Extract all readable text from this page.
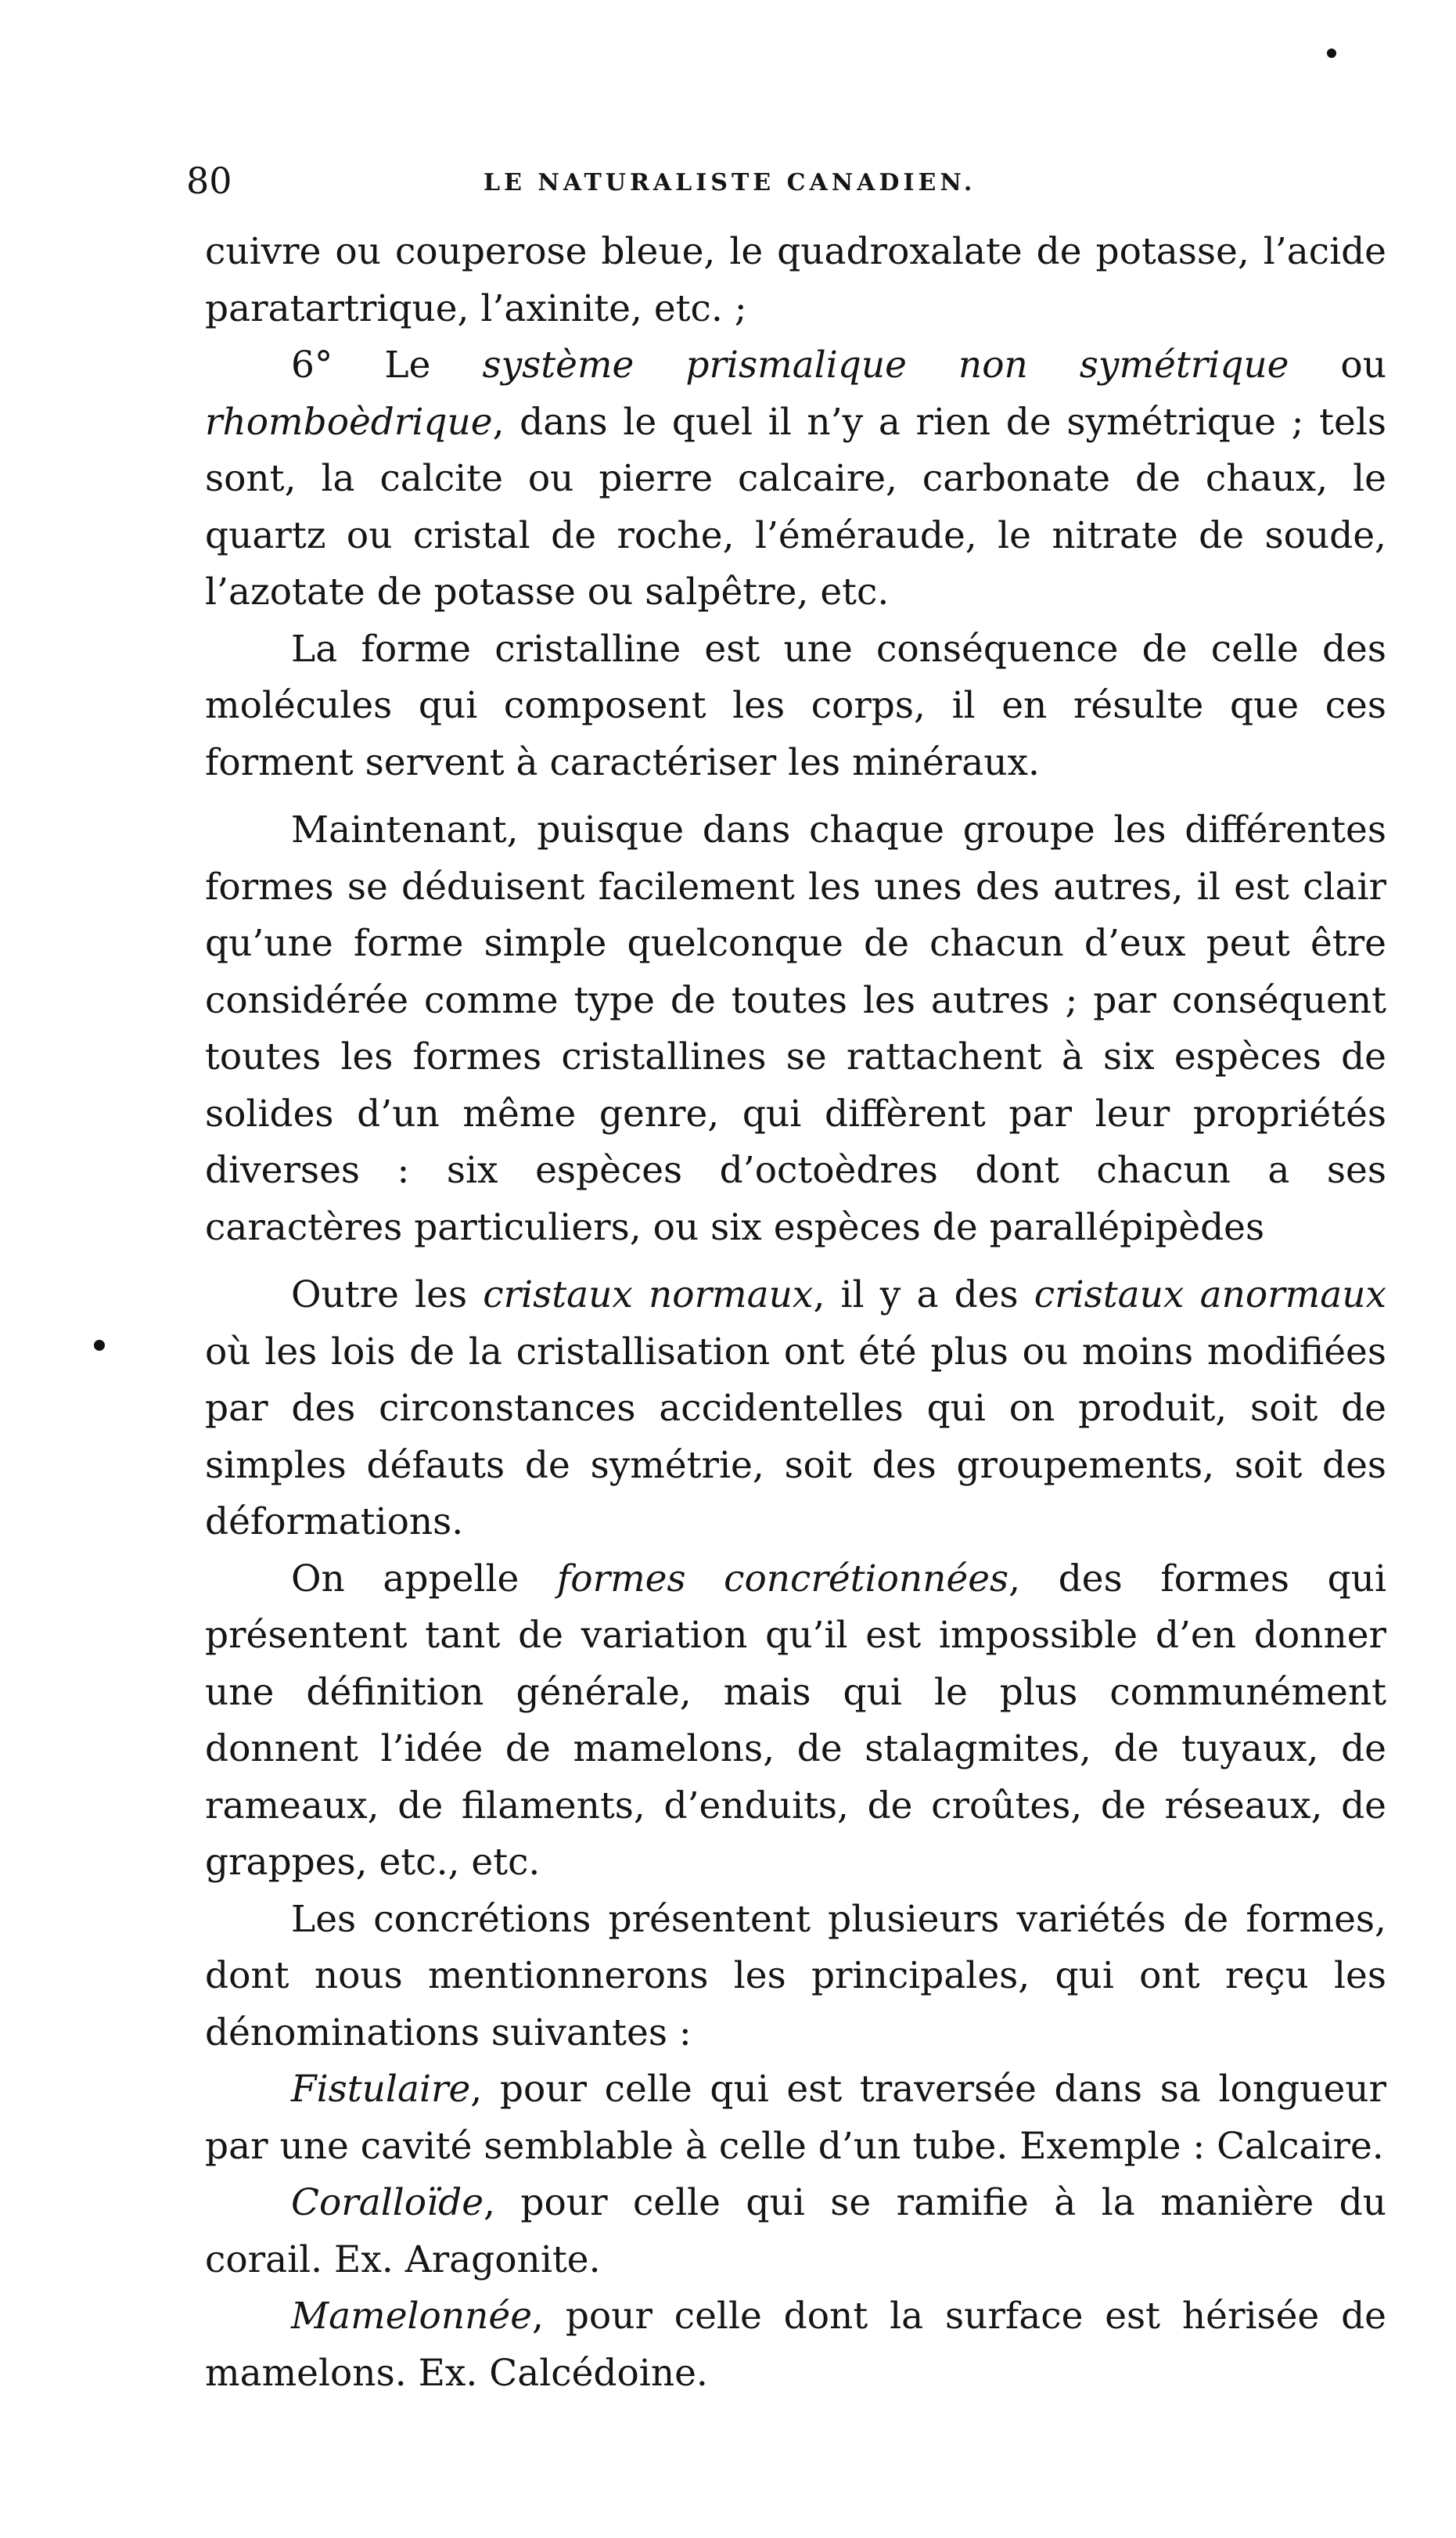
80	LE NATURALISTE CANADIEN.

cuivre ou couperose bleue, le quadroxalate de potasse, l’acide paratartrique, l’axinite, etc. ;

6° Le système prismalique non symétrique ou rhomboèdrique, dans le quel il n’y a rien de symétrique ; tels sont, la calcite ou pierre calcaire, carbonate de chaux, le quartz ou cristal de roche, l’éméraude, le nitrate de soude, l’azotate de potasse ou salpêtre, etc.

La forme cristalline est une conséquence de celle des molécules qui composent les corps, il en résulte que ces forment servent à caractériser les minéraux.

Maintenant, puisque dans chaque groupe les différentes formes se déduisent facilement les unes des autres, il est clair qu’une forme simple quelconque de chacun d’eux peut être considérée comme type de toutes les autres ; par conséquent toutes les formes cristallines se rattachent à six espèces de solides d’un même genre, qui diffèrent par leur propriétés diverses : six espèces d’octoèdres dont chacun a ses caractères particuliers, ou six espèces de parallépipèdes

Outre les cristaux normaux, il y a des cristaux anormaux où les lois de la cristallisation ont été plus ou moins modifiées par des circonstances accidentelles qui on produit, soit de simples défauts de symétrie, soit des groupements, soit des déformations.

On appelle formes concrétionnées, des formes qui présentent tant de variation qu’il est impossible d’en donner une définition générale, mais qui le plus communément donnent l’idée de mamelons, de stalagmites, de tuyaux, de rameaux, de filaments, d’enduits, de croûtes, de réseaux, de grappes, etc., etc.

Les concrétions présentent plusieurs variétés de formes, dont nous mentionnerons les principales, qui ont reçu les dénominations suivantes :

Fistulaire, pour celle qui est traversée dans sa longueur par une cavité semblable à celle d’un tube. Exemple : Calcaire.

Coralloïde, pour celle qui se ramifie à la manière du corail. Ex. Aragonite.

Mamelonnée, pour celle dont la surface est hérisée de mamelons. Ex. Calcédoine.
